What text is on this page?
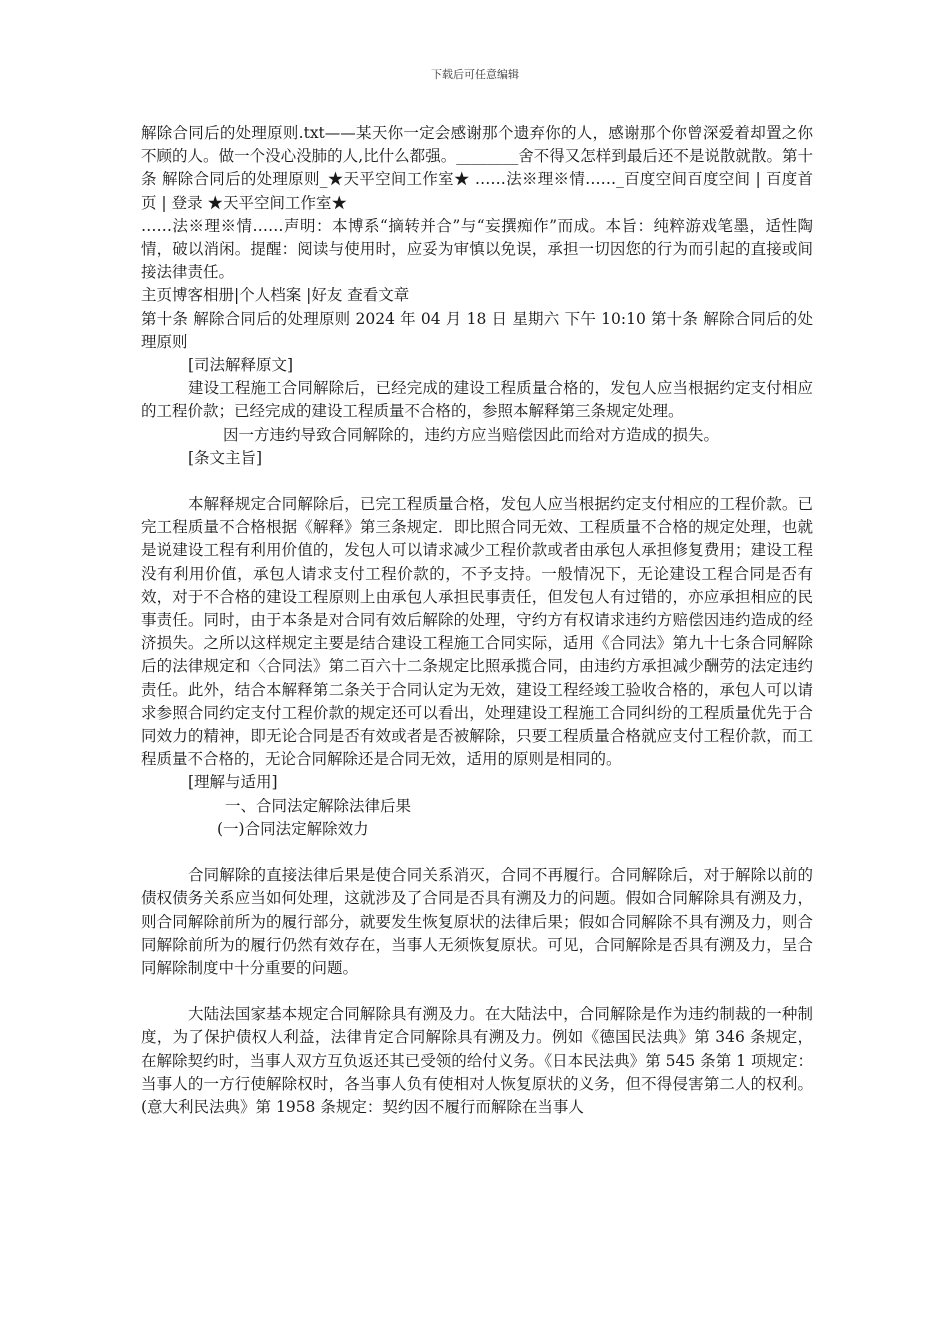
下载后可任意编辑

解除合同后的处理原则.txt——某天你一定会感谢那个遗弃你的人，感谢那个你曾深爱着却置之你不顾的人。做一个没心没肺的人,比什么都强。________舍不得又怎样到最后还不是说散就散。第十条 解除合同后的处理原则_★天平空间工作室★ ……法※理※情……_百度空间百度空间 | 百度首页 | 登录 ★天平空间工作室★

……法※理※情……声明：本博系“摘转并合”与“妄撰痴作”而成。本旨：纯粹游戏笔墨，适性陶情，破以消闲。提醒：阅读与使用时，应妥为审慎以免误，承担一切因您的行为而引起的直接或间接法律责任。

主页博客相册|个人档案 |好友 查看文章

第十条 解除合同后的处理原则 2024 年 04 月 18 日 星期六 下午 10:10 第十条 解除合同后的处理原则

[司法解释原文]

建设工程施工合同解除后，已经完成的建设工程质量合格的，发包人应当根据约定支付相应的工程价款；已经完成的建设工程质量不合格的，参照本解释第三条规定处理。

因一方违约导致合同解除的，违约方应当赔偿因此而给对方造成的损失。

[条文主旨]

本解释规定合同解除后，已完工程质量合格，发包人应当根据约定支付相应的工程价款。已完工程质量不合格根据《解释》第三条规定．即比照合同无效、工程质量不合格的规定处理，也就是说建设工程有利用价值的，发包人可以请求减少工程价款或者由承包人承担修复费用；建设工程没有利用价值，承包人请求支付工程价款的，不予支持。一般情况下，无论建设工程合同是否有效，对于不合格的建设工程原则上由承包人承担民事责任，但发包人有过错的，亦应承担相应的民事责任。同时，由于本条是对合同有效后解除的处理，守约方有权请求违约方赔偿因违约造成的经济损失。之所以这样规定主要是结合建设工程施工合同实际，适用《合同法》第九十七条合同解除后的法律规定和〈合同法》第二百六十二条规定比照承揽合同，由违约方承担减少酬劳的法定违约责任。此外，结合本解释第二条关于合同认定为无效，建设工程经竣工验收合格的，承包人可以请求参照合同约定支付工程价款的规定还可以看出，处理建设工程施工合同纠纷的工程质量优先于合同效力的精神，即无论合同是否有效或者是否被解除，只要工程质量合格就应支付工程价款，而工程质量不合格的，无论合同解除还是合同无效，适用的原则是相同的。

[理解与适用]

一、合同法定解除法律后果

(一)合同法定解除效力

合同解除的直接法律后果是使合同关系消灭，合同不再履行。合同解除后，对于解除以前的债权债务关系应当如何处理，这就涉及了合同是否具有溯及力的问题。假如合同解除具有溯及力，则合同解除前所为的履行部分，就要发生恢复原状的法律后果；假如合同解除不具有溯及力，则合同解除前所为的履行仍然有效存在，当事人无须恢复原状。可见，合同解除是否具有溯及力，呈合同解除制度中十分重要的问题。

大陆法国家基本规定合同解除具有溯及力。在大陆法中，合同解除是作为违约制裁的一种制度，为了保护债权人利益，法律肯定合同解除具有溯及力。例如《德国民法典》第 346 条规定，在解除契约时，当事人双方互负返还其已受领的给付义务。《日本民法典》第 545 条第 1 项规定：当事人的一方行使解除权时，各当事人负有使相对人恢复原状的义务，但不得侵害第二人的权利。(意大利民法典》第 1958 条规定：契约因不履行而解除在当事人
